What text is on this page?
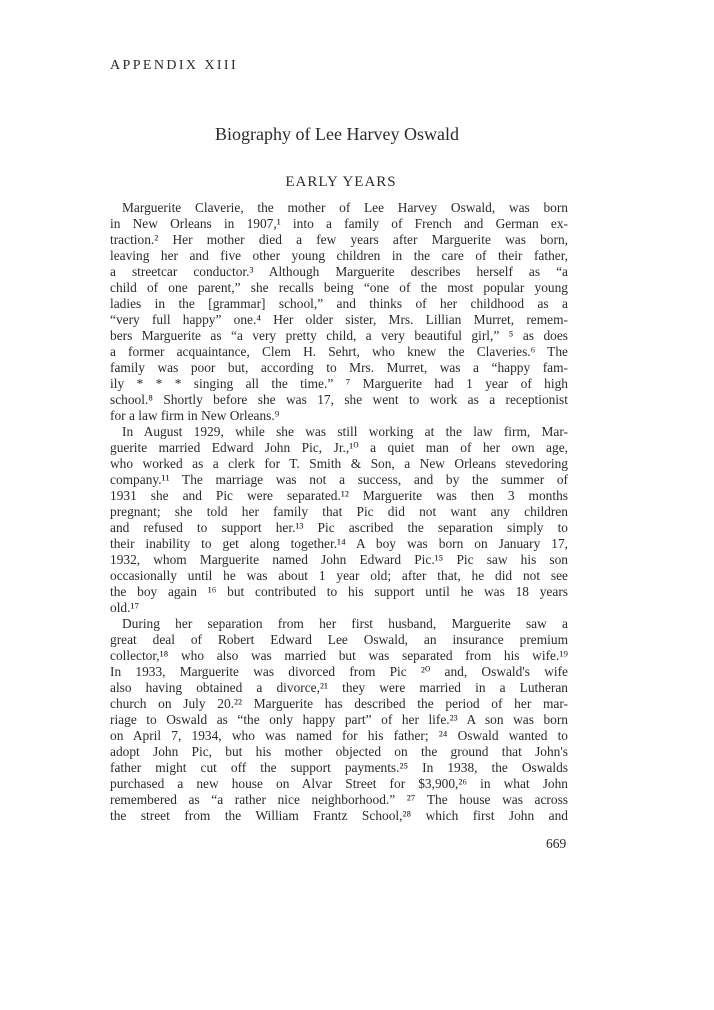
APPENDIX XIII
Biography of Lee Harvey Oswald
EARLY YEARS
Marguerite Claverie, the mother of Lee Harvey Oswald, was born
in New Orleans in 1907,¹ into a family of French and German ex-
traction.² Her mother died a few years after Marguerite was born,
leaving her and five other young children in the care of their father,
a streetcar conductor.³ Although Marguerite describes herself as “a
child of one parent,” she recalls being “one of the most popular young
ladies in the [grammar] school,” and thinks of her childhood as a
“very full happy” one.⁴ Her older sister, Mrs. Lillian Murret, remem-
bers Marguerite as “a very pretty child, a very beautiful girl,” ⁵ as does
a former acquaintance, Clem H. Sehrt, who knew the Claveries.⁶ The
family was poor but, according to Mrs. Murret, was a “happy fam-
ily * * * singing all the time.” ⁷ Marguerite had 1 year of high
school.⁸ Shortly before she was 17, she went to work as a receptionist
for a law firm in New Orleans.⁹
In August 1929, while she was still working at the law firm, Mar-
guerite married Edward John Pic, Jr.,¹⁰ a quiet man of her own age,
who worked as a clerk for T. Smith & Son, a New Orleans stevedoring
company.¹¹ The marriage was not a success, and by the summer of
1931 she and Pic were separated.¹² Marguerite was then 3 months
pregnant; she told her family that Pic did not want any children
and refused to support her.¹³ Pic ascribed the separation simply to
their inability to get along together.¹⁴ A boy was born on January 17,
1932, whom Marguerite named John Edward Pic.¹⁵ Pic saw his son
occasionally until he was about 1 year old; after that, he did not see
the boy again ¹⁶ but contributed to his support until he was 18 years
old.¹⁷
During her separation from her first husband, Marguerite saw a
great deal of Robert Edward Lee Oswald, an insurance premium
collector,¹⁸ who also was married but was separated from his wife.¹⁹
In 1933, Marguerite was divorced from Pic ²⁰ and, Oswald's wife
also having obtained a divorce,²¹ they were married in a Lutheran
church on July 20.²² Marguerite has described the period of her mar-
riage to Oswald as “the only happy part” of her life.²³ A son was born
on April 7, 1934, who was named for his father; ²⁴ Oswald wanted to
adopt John Pic, but his mother objected on the ground that John's
father might cut off the support payments.²⁵ In 1938, the Oswalds
purchased a new house on Alvar Street for $3,900,²⁶ in what John
remembered as “a rather nice neighborhood.” ²⁷ The house was across
the street from the William Frantz School,²⁸ which first John and
669
